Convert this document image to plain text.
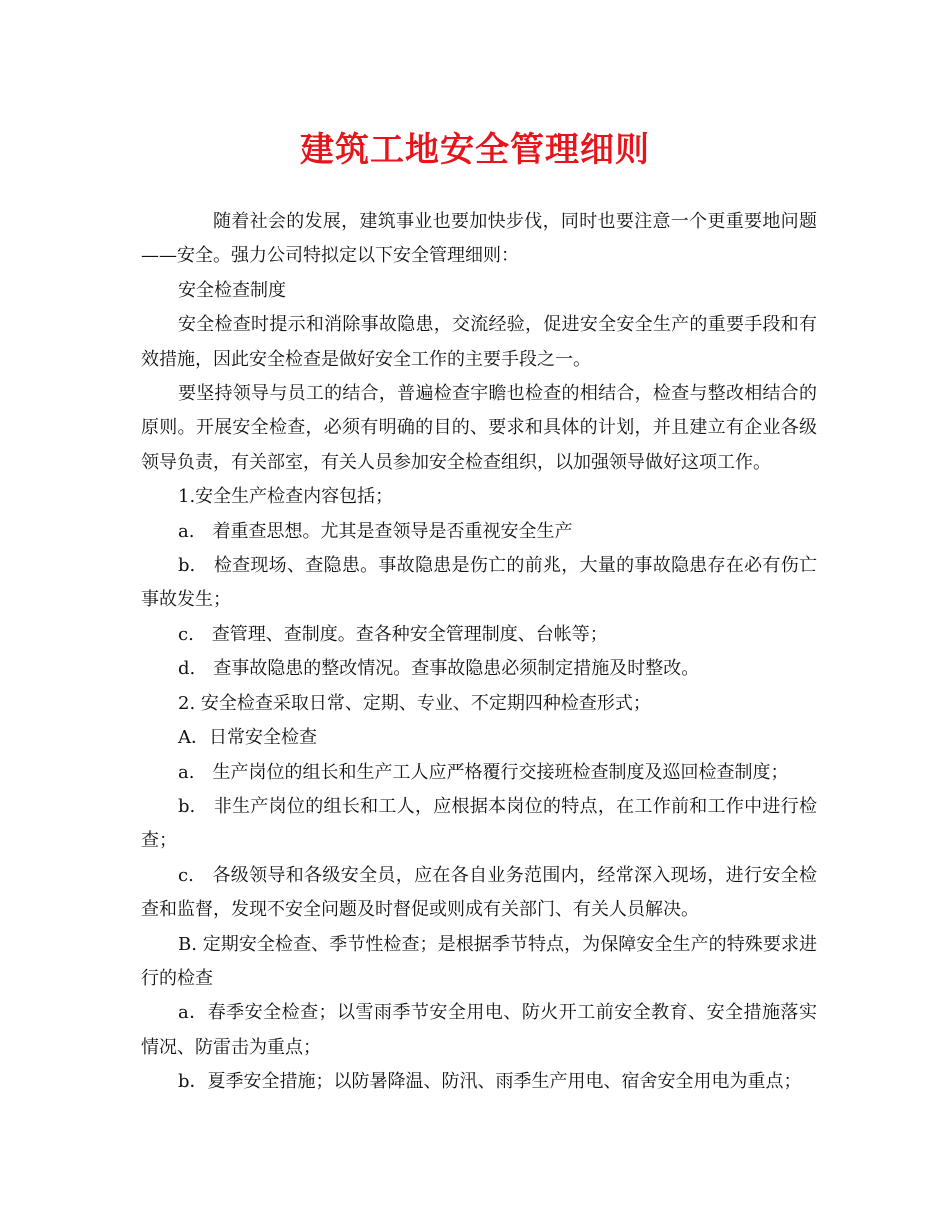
建筑工地安全管理细则

随着社会的发展，建筑事业也要加快步伐，同时也要注意一个更重要地问题——安全。强力公司特拟定以下安全管理细则：

安全检查制度

安全检查时提示和消除事故隐患，交流经验，促进安全安全生产的重要手段和有效措施，因此安全检查是做好安全工作的主要手段之一。

要坚持领导与员工的结合，普遍检查宇瞻也检查的相结合，检查与整改相结合的原则。开展安全检查，必须有明确的目的、要求和具体的计划，并且建立有企业各级领导负责，有关部室，有关人员参加安全检查组织，以加强领导做好这项工作。

1.安全生产检查内容包括；

a.　着重查思想。尤其是查领导是否重视安全生产

b.　检查现场、查隐患。事故隐患是伤亡的前兆，大量的事故隐患存在必有伤亡事故发生；

c.　查管理、查制度。查各种安全管理制度、台帐等；

d.　查事故隐患的整改情况。查事故隐患必须制定措施及时整改。

2. 安全检查采取日常、定期、专业、不定期四种检查形式；

A．日常安全检查

a.　生产岗位的组长和生产工人应严格覆行交接班检查制度及巡回检查制度；

b.　非生产岗位的组长和工人，应根据本岗位的特点，在工作前和工作中进行检查；

c.　各级领导和各级安全员，应在各自业务范围内，经常深入现场，进行安全检查和监督，发现不安全问题及时督促或则成有关部门、有关人员解决。

B. 定期安全检查、季节性检查；是根据季节特点，为保障安全生产的特殊要求进行的检查

a．春季安全检查；以雪雨季节安全用电、防火开工前安全教育、安全措施落实情况、防雷击为重点；

b．夏季安全措施；以防暑降温、防汛、雨季生产用电、宿舍安全用电为重点；
